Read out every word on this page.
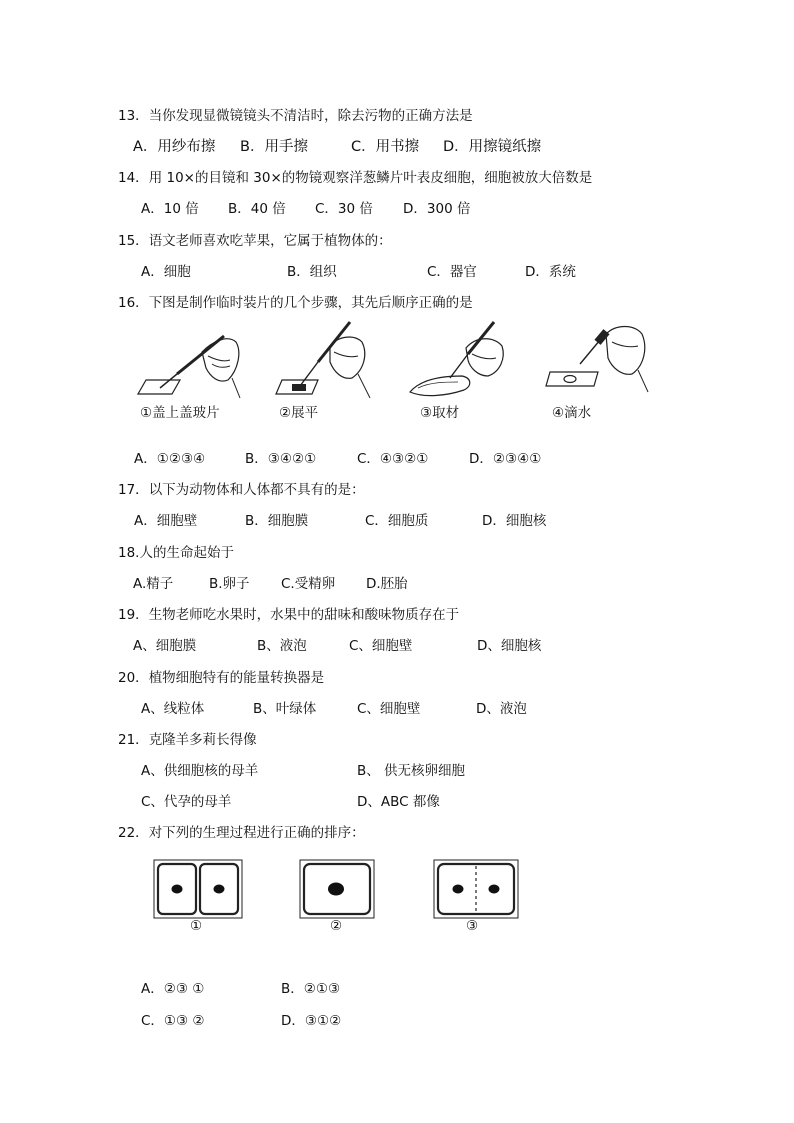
13．当你发现显微镜镜头不清洁时，除去污物的正确方法是
A．用纱布擦 B．用手擦	C．用书擦 D．用擦镜纸擦
14．用 10×的目镜和 30×的物镜观察洋葱鳞片叶表皮细胞，细胞被放大倍数是
A．10 倍 B．40 倍 C．30 倍 D．300 倍
15．语文老师喜欢吃苹果，它属于植物体的：
A．细胞	B．组织	C．器官	D．系统
16．下图是制作临时装片的几个步骤，其先后顺序正确的是
①盖上盖玻片	②展平	③取材	④滴水
A．①②③④	B．③④②①	C．④③②①	D．②③④①
17．以下为动物体和人体都不具有的是：
A．细胞壁	B．细胞膜	C．细胞质	D．细胞核
18.人的生命起始于
A.精子	B.卵子 C.受精卵 D.胚胎
19．生物老师吃水果时，水果中的甜味和酸味物质存在于
A、细胞膜	B、液泡	C、细胞壁	D、细胞核
20．植物细胞特有的能量转换器是
A、线粒体	B、叶绿体	C、细胞壁	D、液泡
21．克隆羊多莉长得像
A、供细胞核的母羊	B、 供无核卵细胞
C、代孕的母羊	D、ABC 都像
22．对下列的生理过程进行正确的排序：
①	②	③
A．②③ ①	B．②①③
C．①③ ②	D．③①②
